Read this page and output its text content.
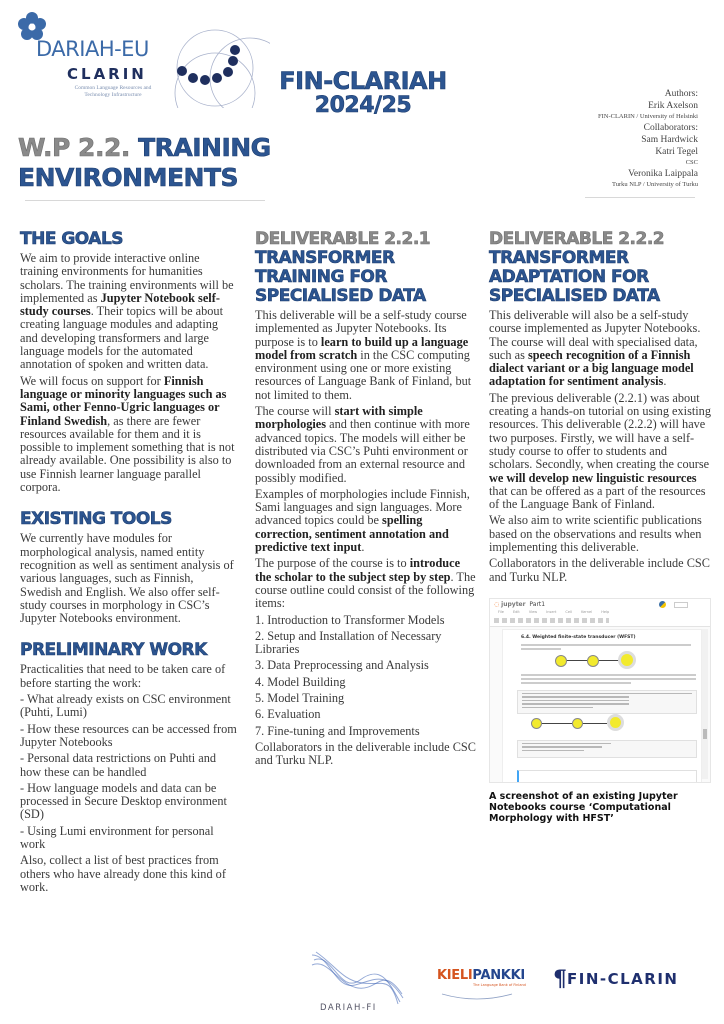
DARIAH-EU
CLARIN
Common Language Resources and
Technology Infrastructure	FIN-CLARIAH
2024/25	Authors:
Erik Axelson
FIN-CLARIN / University of Helsinki
Collaborators:
Sam Hardwick
Katri Tegel
CSC
Veronika Laippala
Turku NLP / University of Turku
W.P 2.2. TRAINING
ENVIRONMENTS
THE GOALS

We aim to provide interactive online training environments for humanities scholars. The training environments will be implemented as Jupyter Notebook self-study courses. Their topics will be about creating language modules and adapting and developing transformers and large language models for the automated annotation of spoken and written data.

We will focus on support for Finnish language or minority languages such as Sami, other Fenno-Ugric languages or Finland Swedish, as there are fewer resources available for them and it is possible to implement something that is not already available. One possibility is also to use Finnish learner language parallel corpora.

EXISTING TOOLS

We currently have modules for morphological analysis, named entity recognition as well as sentiment analysis of various languages, such as Finnish, Swedish and English. We also offer self-study courses in morphology in CSC’s Jupyter Notebooks environment.

PRELIMINARY WORK

Practicalities that need to be taken care of before starting the work:

- What already exists on CSC environment (Puhti, Lumi)
- How these resources can be accessed from Jupyter Notebooks
- Personal data restrictions on Puhti and how these can be handled
- How language models and data can be processed in Secure Desktop environment (SD)
- Using Lumi environment for personal work

Also, collect a list of best practices from others who have already done this kind of work.

DELIVERABLE 2.2.1
TRANSFORMER TRAINING FOR SPECIALISED DATA

This deliverable will be a self-study course implemented as Jupyter Notebooks. Its purpose is to learn to build up a language model from scratch in the CSC computing environment using one or more existing resources of Language Bank of Finland, but not limited to them.

The course will start with simple morphologies and then continue with more advanced topics. The models will either be distributed via CSC’s Puhti environment or downloaded from an external resource and possibly modified.

Examples of morphologies include Finnish, Sami languages and sign languages. More advanced topics could be spelling correction, sentiment annotation and predictive text input.

The purpose of the course is to introduce the scholar to the subject step by step. The course outline could consist of the following items:

1. Introduction to Transformer Models
2. Setup and Installation of Necessary Libraries
3. Data Preprocessing and Analysis
4. Model Building
5. Model Training
6. Evaluation
7. Fine-tuning and Improvements

Collaborators in the deliverable include CSC and Turku NLP.

DELIVERABLE 2.2.2
TRANSFORMER ADAPTATION FOR SPECIALISED DATA

This deliverable will also be a self-study course implemented as Jupyter Notebooks. The course will deal with specialised data, such as speech recognition of a Finnish dialect variant or a big language model adaptation for sentiment analysis.

The previous deliverable (2.2.1) was about creating a hands-on tutorial on using existing resources. This deliverable (2.2.2) will have two purposes. Firstly, we will have a self-study course to offer to students and scholars. Secondly, when creating the course we will develop new linguistic resources that can be offered as a part of the resources of the Language Bank of Finland.

We also aim to write scientific publications based on the observations and results when implementing this deliverable.

Collaborators in the deliverable include CSC and Turku NLP.

◌ jupyter Part1
File Edit View Insert Cell Kernel Help
6.4. Weighted finite-state transducer (WFST)
A screenshot of an existing Jupyter Notebooks course ‘Computational Morphology with HFST’
DARIAH-FI
KIELIPANKKI
The Language Bank of Finland ¶FIN-CLARIN
